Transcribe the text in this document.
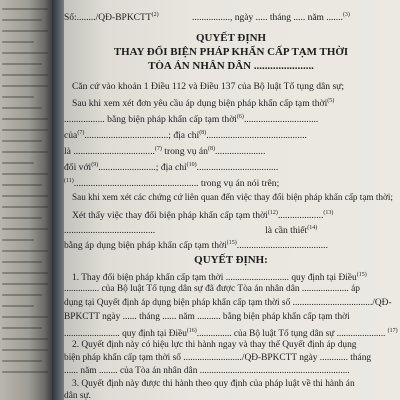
Số:......../QĐ-BPKCTT$^{(2)}$	................, ngày ..... tháng ..... năm .......$^{(3)}$
QUYẾT ĐỊNH
THAY ĐỔI BIỆN PHÁP KHẨN CẤP TẠM THỜI
TÒA ÁN NHÂN DÂN ......................
Căn cứ vào khoản 1 Điều 112 và Điều 137 của Bộ luật Tố tụng dân sự;
Sau khi xem xét đơn yêu cầu áp dụng biện pháp khẩn cấp tạm thời$^{(5)}$
................. bằng biện pháp khẩn cấp tạm thời$^{(6)}$...............................
của$^{(7)}$...................................; địa chỉ$^{(8)}$..........................................
là ..................................$^{(7)}$ trong vụ $án^{(8)}$.....................
đối với$^{(9)}$........................; địa chỉ$^{(10)}$..................................
$^{(11)}$.................................................... trong vụ án nói trên;
Sau khi xem xét các chứng cứ liên quan đến việc thay đổi biện pháp khẩn cấp tạm thời;
Xét thấy việc thay đổi biện pháp khẩn cấp tạm thời$^{(12)}$...................$^{(13)}$
......................................	là cần thiết$^{(14)}$
bằng áp dụng biện pháp khẩn cấp tạm thời$^{(15)}$......................................
QUYẾT ĐỊNH:
1. Thay đổi biện pháp khẩn cấp tạm thời ........................... quy định tại Điều$^{(15)}$
............... của Bộ luật Tố tụng dân sự đã được Tòa án nhân dân .................... áp
dụng tại Quyết định áp dụng biện pháp khẩn cấp tạm thời số ................................../QĐ-
BPKCTT ngày ...... tháng ...... năm .......... bằng biện pháp khẩn cấp tạm thời
........................ quy định tại Điều$^{(16)}$............... của Bộ luật Tố tụng dân sự ..................... $^{(17)}$
2. Quyết định này có hiệu lực thi hành ngay và thay thế Quyết định áp dụng
biện pháp khẩn cấp tạm thời số ........................./QĐ-BPKCTT ngày ............ tháng
...... năm ........ của Tòa án nhân dân ................................................................
3. Quyết định này được thi hành theo quy định của pháp luật về thi hành án
dân sự.
